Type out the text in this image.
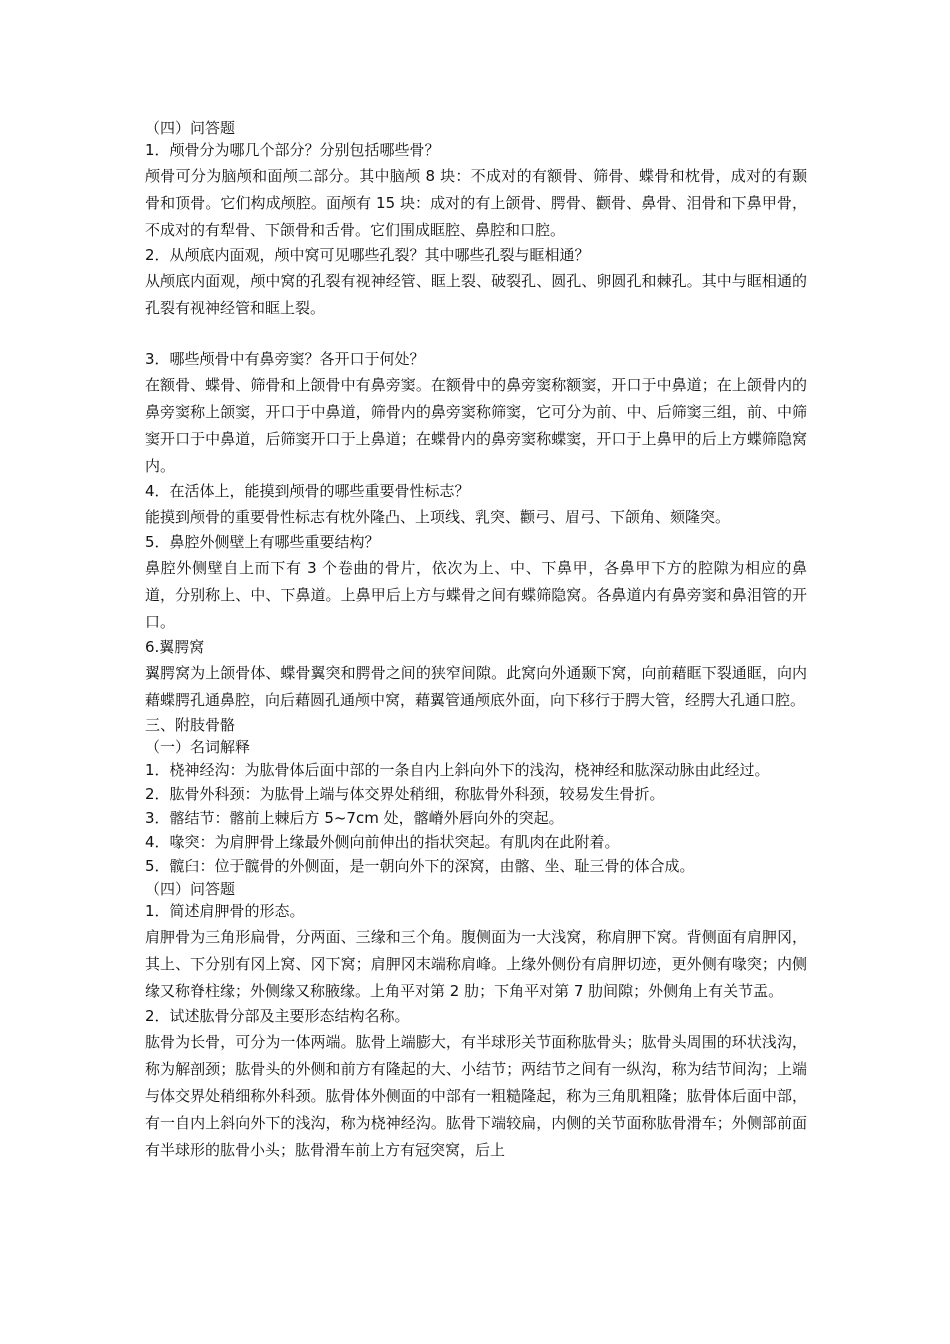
（四）问答题

1．颅骨分为哪几个部分？分别包括哪些骨？

颅骨可分为脑颅和面颅二部分。其中脑颅 8 块：不成对的有额骨、筛骨、蝶骨和枕骨，成对的有颞骨和顶骨。它们构成颅腔。面颅有 15 块：成对的有上颌骨、腭骨、颧骨、鼻骨、泪骨和下鼻甲骨，不成对的有犁骨、下颌骨和舌骨。它们围成眶腔、鼻腔和口腔。

2．从颅底内面观，颅中窝可见哪些孔裂？其中哪些孔裂与眶相通？

从颅底内面观，颅中窝的孔裂有视神经管、眶上裂、破裂孔、圆孔、卵圆孔和棘孔。其中与眶相通的孔裂有视神经管和眶上裂。

3．哪些颅骨中有鼻旁窦？各开口于何处？

在额骨、蝶骨、筛骨和上颌骨中有鼻旁窦。在额骨中的鼻旁窦称额窦，开口于中鼻道；在上颌骨内的鼻旁窦称上颌窦，开口于中鼻道，筛骨内的鼻旁窦称筛窦，它可分为前、中、后筛窦三组，前、中筛窦开口于中鼻道，后筛窦开口于上鼻道；在蝶骨内的鼻旁窦称蝶窦，开口于上鼻甲的后上方蝶筛隐窝内。

4．在活体上，能摸到颅骨的哪些重要骨性标志？

能摸到颅骨的重要骨性标志有枕外隆凸、上项线、乳突、颧弓、眉弓、下颌角、颏隆突。

5．鼻腔外侧壁上有哪些重要结构？

鼻腔外侧壁自上而下有 3 个卷曲的骨片，依次为上、中、下鼻甲，各鼻甲下方的腔隙为相应的鼻道，分别称上、中、下鼻道。上鼻甲后上方与蝶骨之间有蝶筛隐窝。各鼻道内有鼻旁窦和鼻泪管的开口。

6.翼腭窝

翼腭窝为上颌骨体、蝶骨翼突和腭骨之间的狭窄间隙。此窝向外通颞下窝，向前藉眶下裂通眶，向内藉蝶腭孔通鼻腔，向后藉圆孔通颅中窝，藉翼管通颅底外面，向下移行于腭大管，经腭大孔通口腔。

三、附肢骨骼

（一）名词解释

1．桡神经沟：为肱骨体后面中部的一条自内上斜向外下的浅沟，桡神经和肱深动脉由此经过。

2．肱骨外科颈：为肱骨上端与体交界处稍细，称肱骨外科颈，较易发生骨折。

3．髂结节：髂前上棘后方 5~7cm 处，髂嵴外唇向外的突起。

4．喙突：为肩胛骨上缘最外侧向前伸出的指状突起。有肌肉在此附着。

5．髋臼：位于髋骨的外侧面，是一朝向外下的深窝，由髂、坐、耻三骨的体合成。

（四）问答题

1．简述肩胛骨的形态。

肩胛骨为三角形扁骨，分两面、三缘和三个角。腹侧面为一大浅窝，称肩胛下窝。背侧面有肩胛冈，其上、下分别有冈上窝、冈下窝；肩胛冈末端称肩峰。上缘外侧份有肩胛切迹，更外侧有喙突；内侧缘又称脊柱缘；外侧缘又称腋缘。上角平对第 2 肋；下角平对第 7 肋间隙；外侧角上有关节盂。

2．试述肱骨分部及主要形态结构名称。

肱骨为长骨，可分为一体两端。肱骨上端膨大，有半球形关节面称肱骨头；肱骨头周围的环状浅沟，称为解剖颈；肱骨头的外侧和前方有隆起的大、小结节；两结节之间有一纵沟，称为结节间沟；上端与体交界处稍细称外科颈。肱骨体外侧面的中部有一粗糙隆起，称为三角肌粗隆；肱骨体后面中部，有一自内上斜向外下的浅沟，称为桡神经沟。肱骨下端较扁，内侧的关节面称肱骨滑车；外侧部前面有半球形的肱骨小头；肱骨滑车前上方有冠突窝，后上
